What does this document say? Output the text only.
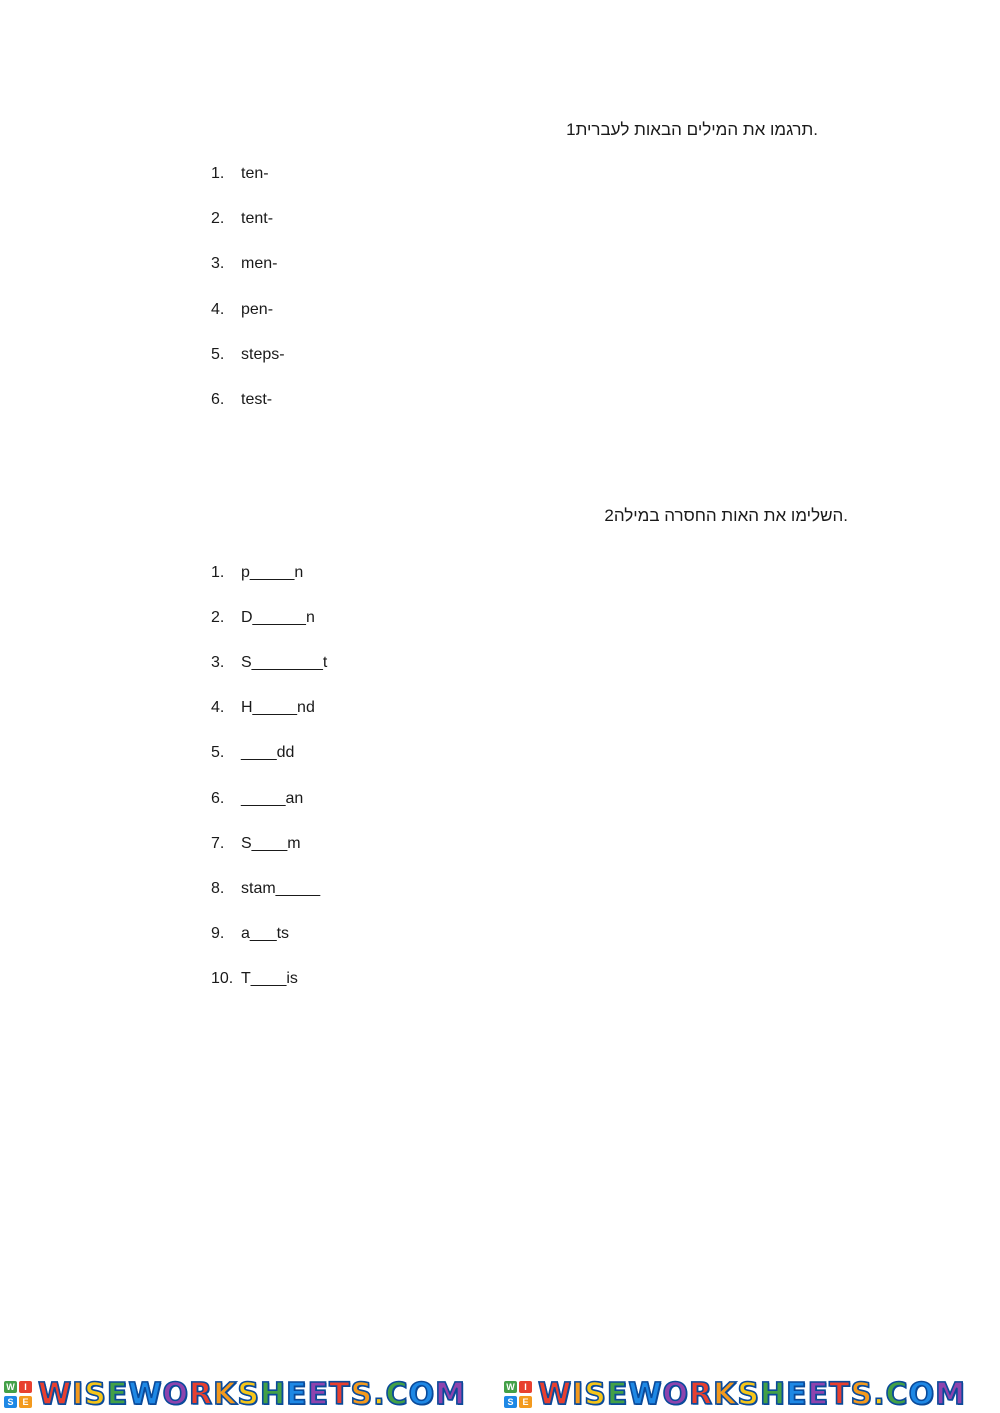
תרגמו את המילים הבאות לעברית1.
1. ten-
2. tent-
3. men-
4. pen-
5. steps-
6. test-
השלימו את האות החסרה במילה2.
1. p_____n
2. D______n
3. S________t
4. H_____nd
5. ____dd
6. _____an
7. S____m
8. stam_____
9. a___ts
10. T____is
W	I
S E WISEWORKSHEETS.COM	W	I
S E WISEWORKSHEETS.COM
